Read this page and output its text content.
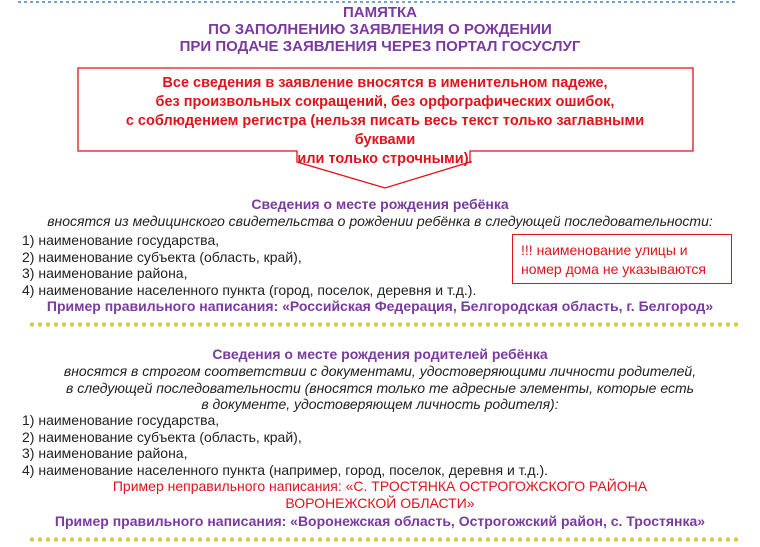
ПАМЯТКА
ПО ЗАПОЛНЕНИЮ ЗАЯВЛЕНИЯ О РОЖДЕНИИ
ПРИ ПОДАЧЕ ЗАЯВЛЕНИЯ ЧЕРЕЗ ПОРТАЛ ГОСУСЛУГ
Все сведения в заявление вносятся в именительном падеже,
без произвольных сокращений, без орфографических ошибок,
с соблюдением регистра (нельзя писать весь текст только заглавными буквами
или только строчными).
Сведения о месте рождения ребёнка
вносятся из медицинского свидетельства о рождении ребёнка в следующей последовательности:
1) наименование государства,
2) наименование субъекта (область, край),
3) наименование района,
4) наименование населенного пункта (город, поселок, деревня и т.д.).
!!! наименование улицы и
номер дома не указываются
Пример правильного написания: «Российская Федерация, Белгородская область, г. Белгород»
Сведения о месте рождения родителей ребёнка
вносятся в строгом соответствии с документами, удостоверяющими личности родителей,
в следующей последовательности (вносятся только те адресные элементы, которые есть
в документе, удостоверяющем личность родителя):
1) наименование государства,
2) наименование субъекта (область, край),
3) наименование района,
4) наименование населенного пункта (например, город, поселок, деревня и т.д.).
Пример неправильного написания: «С. ТРОСТЯНКА ОСТРОГОЖСКОГО РАЙОНА
ВОРОНЕЖСКОЙ ОБЛАСТИ»
Пример правильного написания: «Воронежская область, Острогожский район, с. Тростянка»
